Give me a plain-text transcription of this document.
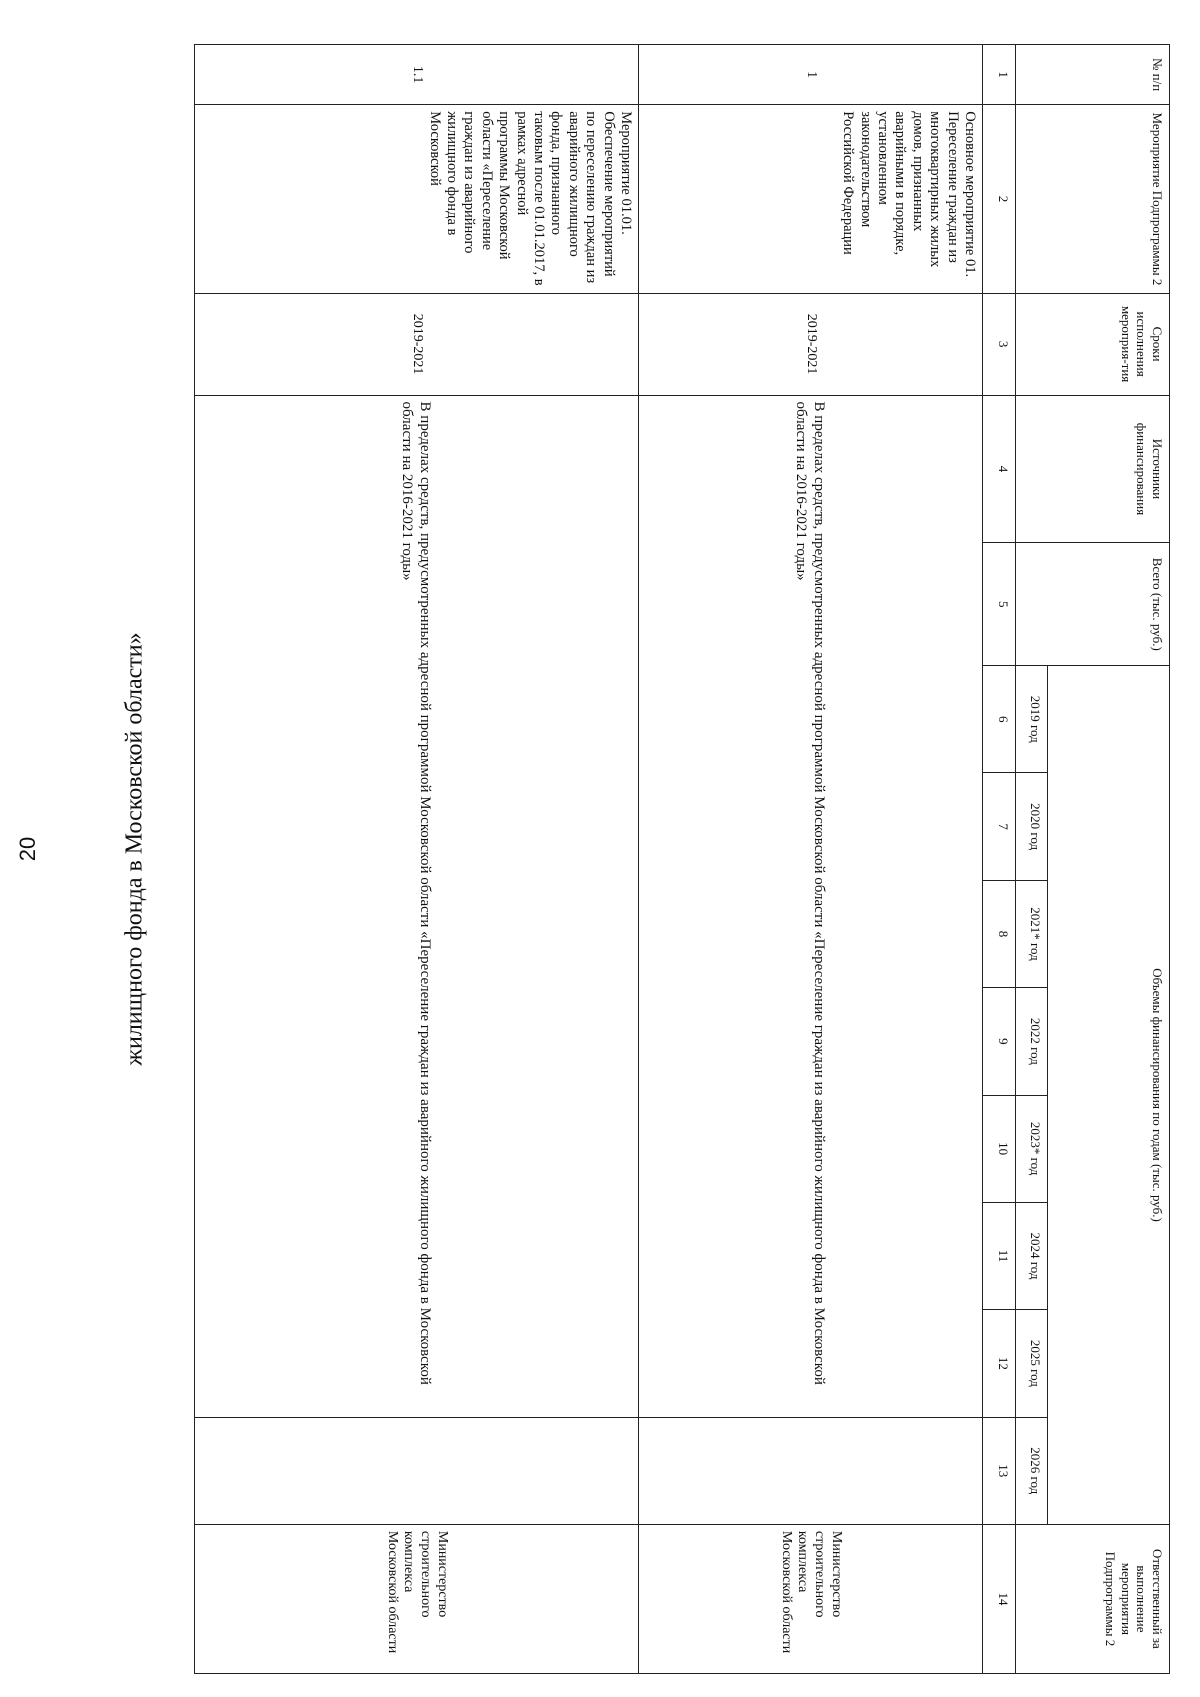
20	жилищного фонда в Московской области»
№ п/п	Мероприятие Подпрограммы 2	Сроки исполнения мероприя-тия	Источники финансирования	Всего (тыс. руб.)	Объемы финансирования по годам (тыс. руб.)								Ответственный за выполнение мероприятия Подпрограммы 2
					2019 год	2020 год	2021* год	2022 год	2023* год	2024 год	2025 год	2026 год	
1	2	3	4	5	6	7	8	9	10	11	12	13	14
1	Основное мероприятие 01. Переселение граждан из многоквартирных жилых домов, признанных аварийными в порядке, установленном законодательством Российской Федерации	2019-2021	В пределах средств, предусмотренных адресной программой Московской области «Переселение граждан из аварийного жилищного фонда в Московской области на 2016-2021 годы»										Министерство строительного комплекса Московской области
1.1	Мероприятие 01.01. Обеспечение мероприятий по переселению граждан из аварийного жилищного фонда, признанного таковым после 01.01.2017, в рамках адресной программы Московской области «Переселение граждан из аварийного жилищного фонда в Московской	2019-2021	В пределах средств, предусмотренных адресной программой Московской области «Переселение граждан из аварийного жилищного фонда в Московской области на 2016-2021 годы»										Министерство строительного комплекса Московской области
